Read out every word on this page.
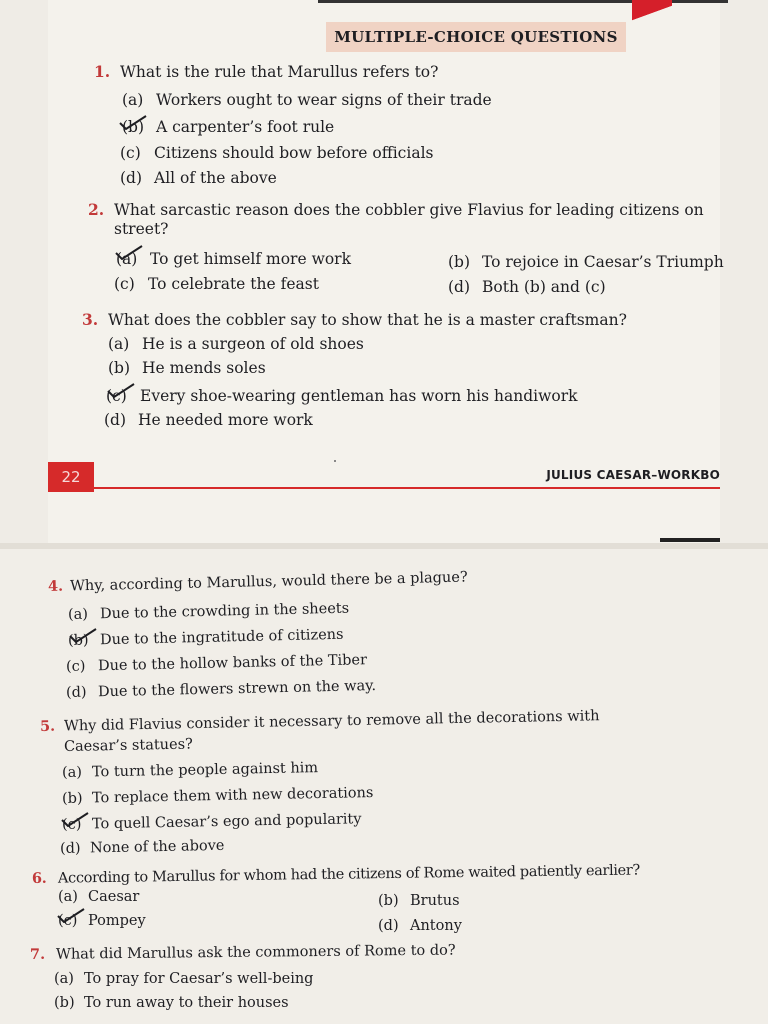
MULTIPLE-CHOICE QUESTIONS
1. What is the rule that Marullus refers to?
(a) Workers ought to wear signs of their trade
(b) A carpenter’s foot rule
(c) Citizens should bow before officials
(d) All of the above
2. What sarcastic reason does the cobbler give Flavius for leading citizens on
street?
(a) To get himself more work	(b) To rejoice in Caesar’s Triumph
(c) To celebrate the feast	(d) Both (b) and (c)
3. What does the cobbler say to show that he is a master craftsman?
(a) He is a surgeon of old shoes
(b) He mends soles
(c) Every shoe-wearing gentleman has worn his handiwork
(d) He needed more work
22	JULIUS CAESAR–WORKBO
4. Why, according to Marullus, would there be a plague?
(a) Due to the crowding in the sheets
(b) Due to the ingratitude of citizens
(c) Due to the hollow banks of the Tiber
(d) Due to the flowers strewn on the way.
5. Why did Flavius consider it necessary to remove all the decorations with
Caesar’s statues?
(a) To turn the people against him
(b) To replace them with new decorations
(c) To quell Caesar’s ego and popularity
(d) None of the above
6. According to Marullus for whom had the citizens of Rome waited patiently earlier?
(a) Caesar	(b) Brutus
(c) Pompey	(d) Antony
7. What did Marullus ask the commoners of Rome to do?
(a) To pray for Caesar’s well-being
(b) To run away to their houses
